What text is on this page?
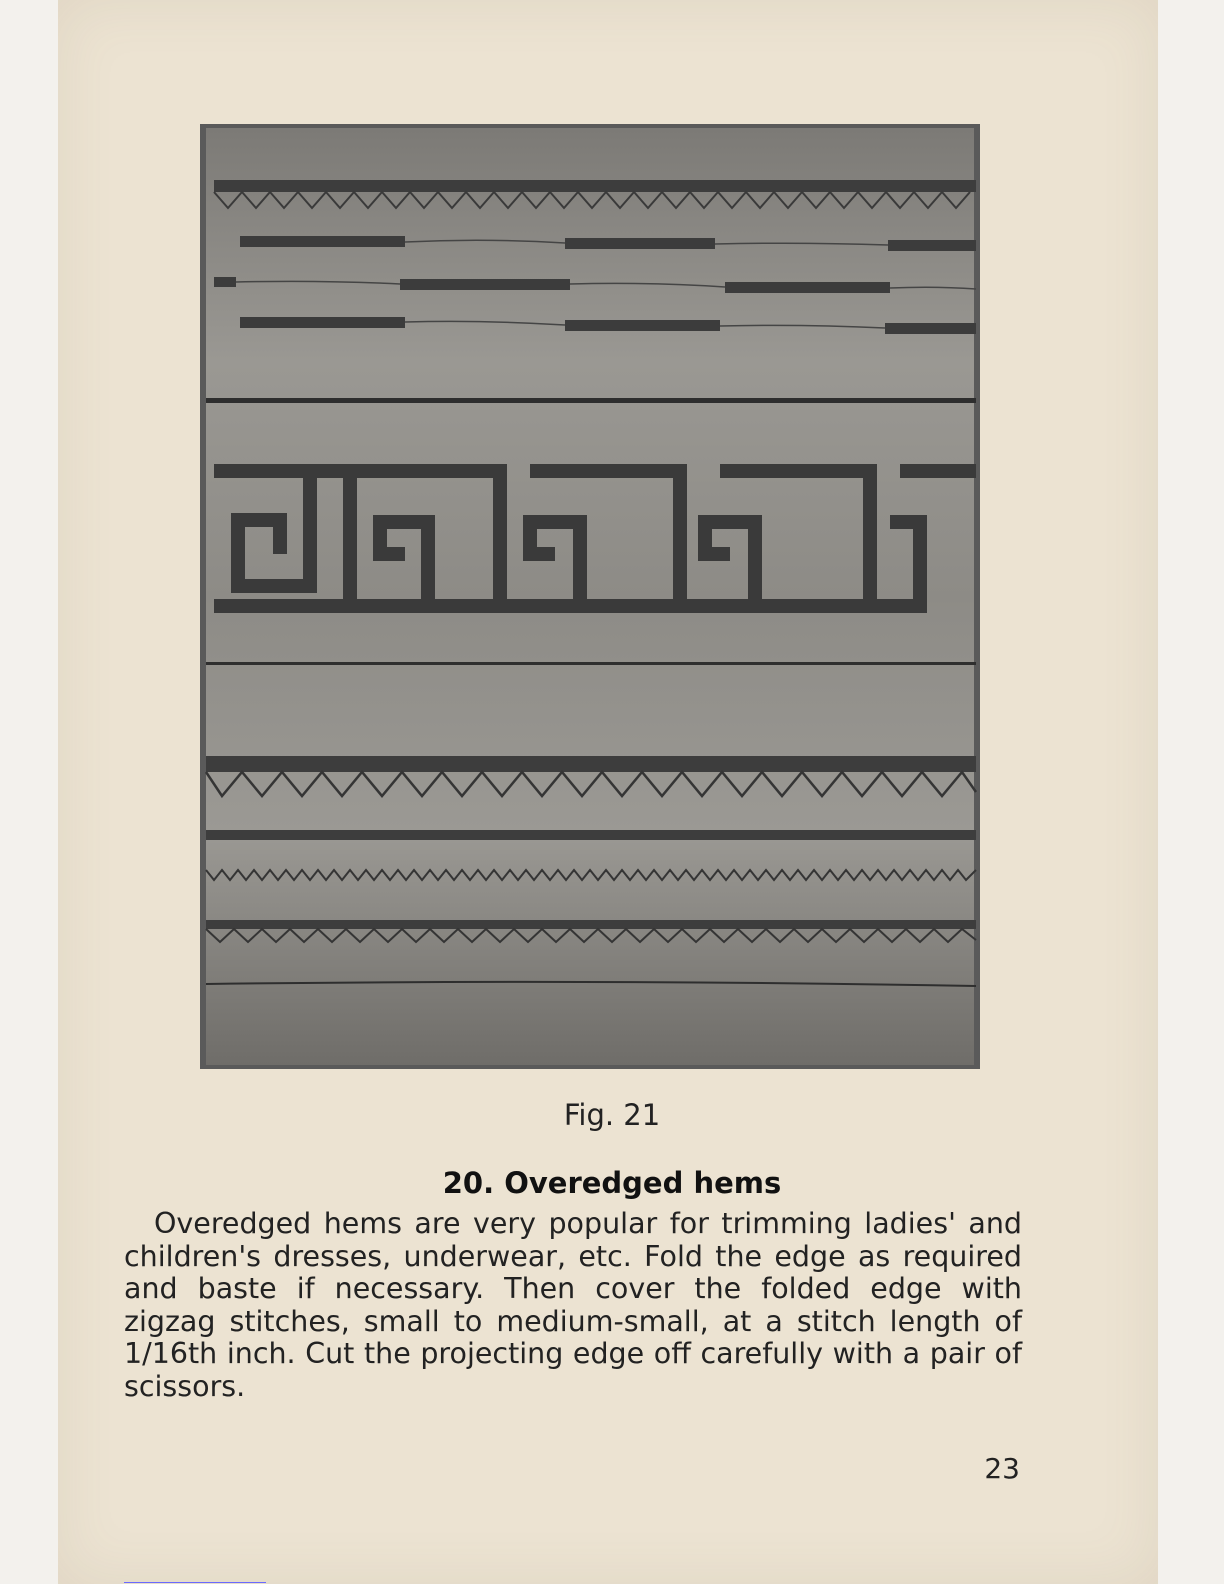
Fig. 21
20. Overedged hems

Overedged hems are very popular for trimming ladies' and children's dresses, underwear, etc. Fold the edge as required and baste if necessary. Then cover the folded edge with zigzag stitches, small to medium-small, at a stitch length of 1/16th inch. Cut the projecting edge off carefully with a pair of scissors.

23
